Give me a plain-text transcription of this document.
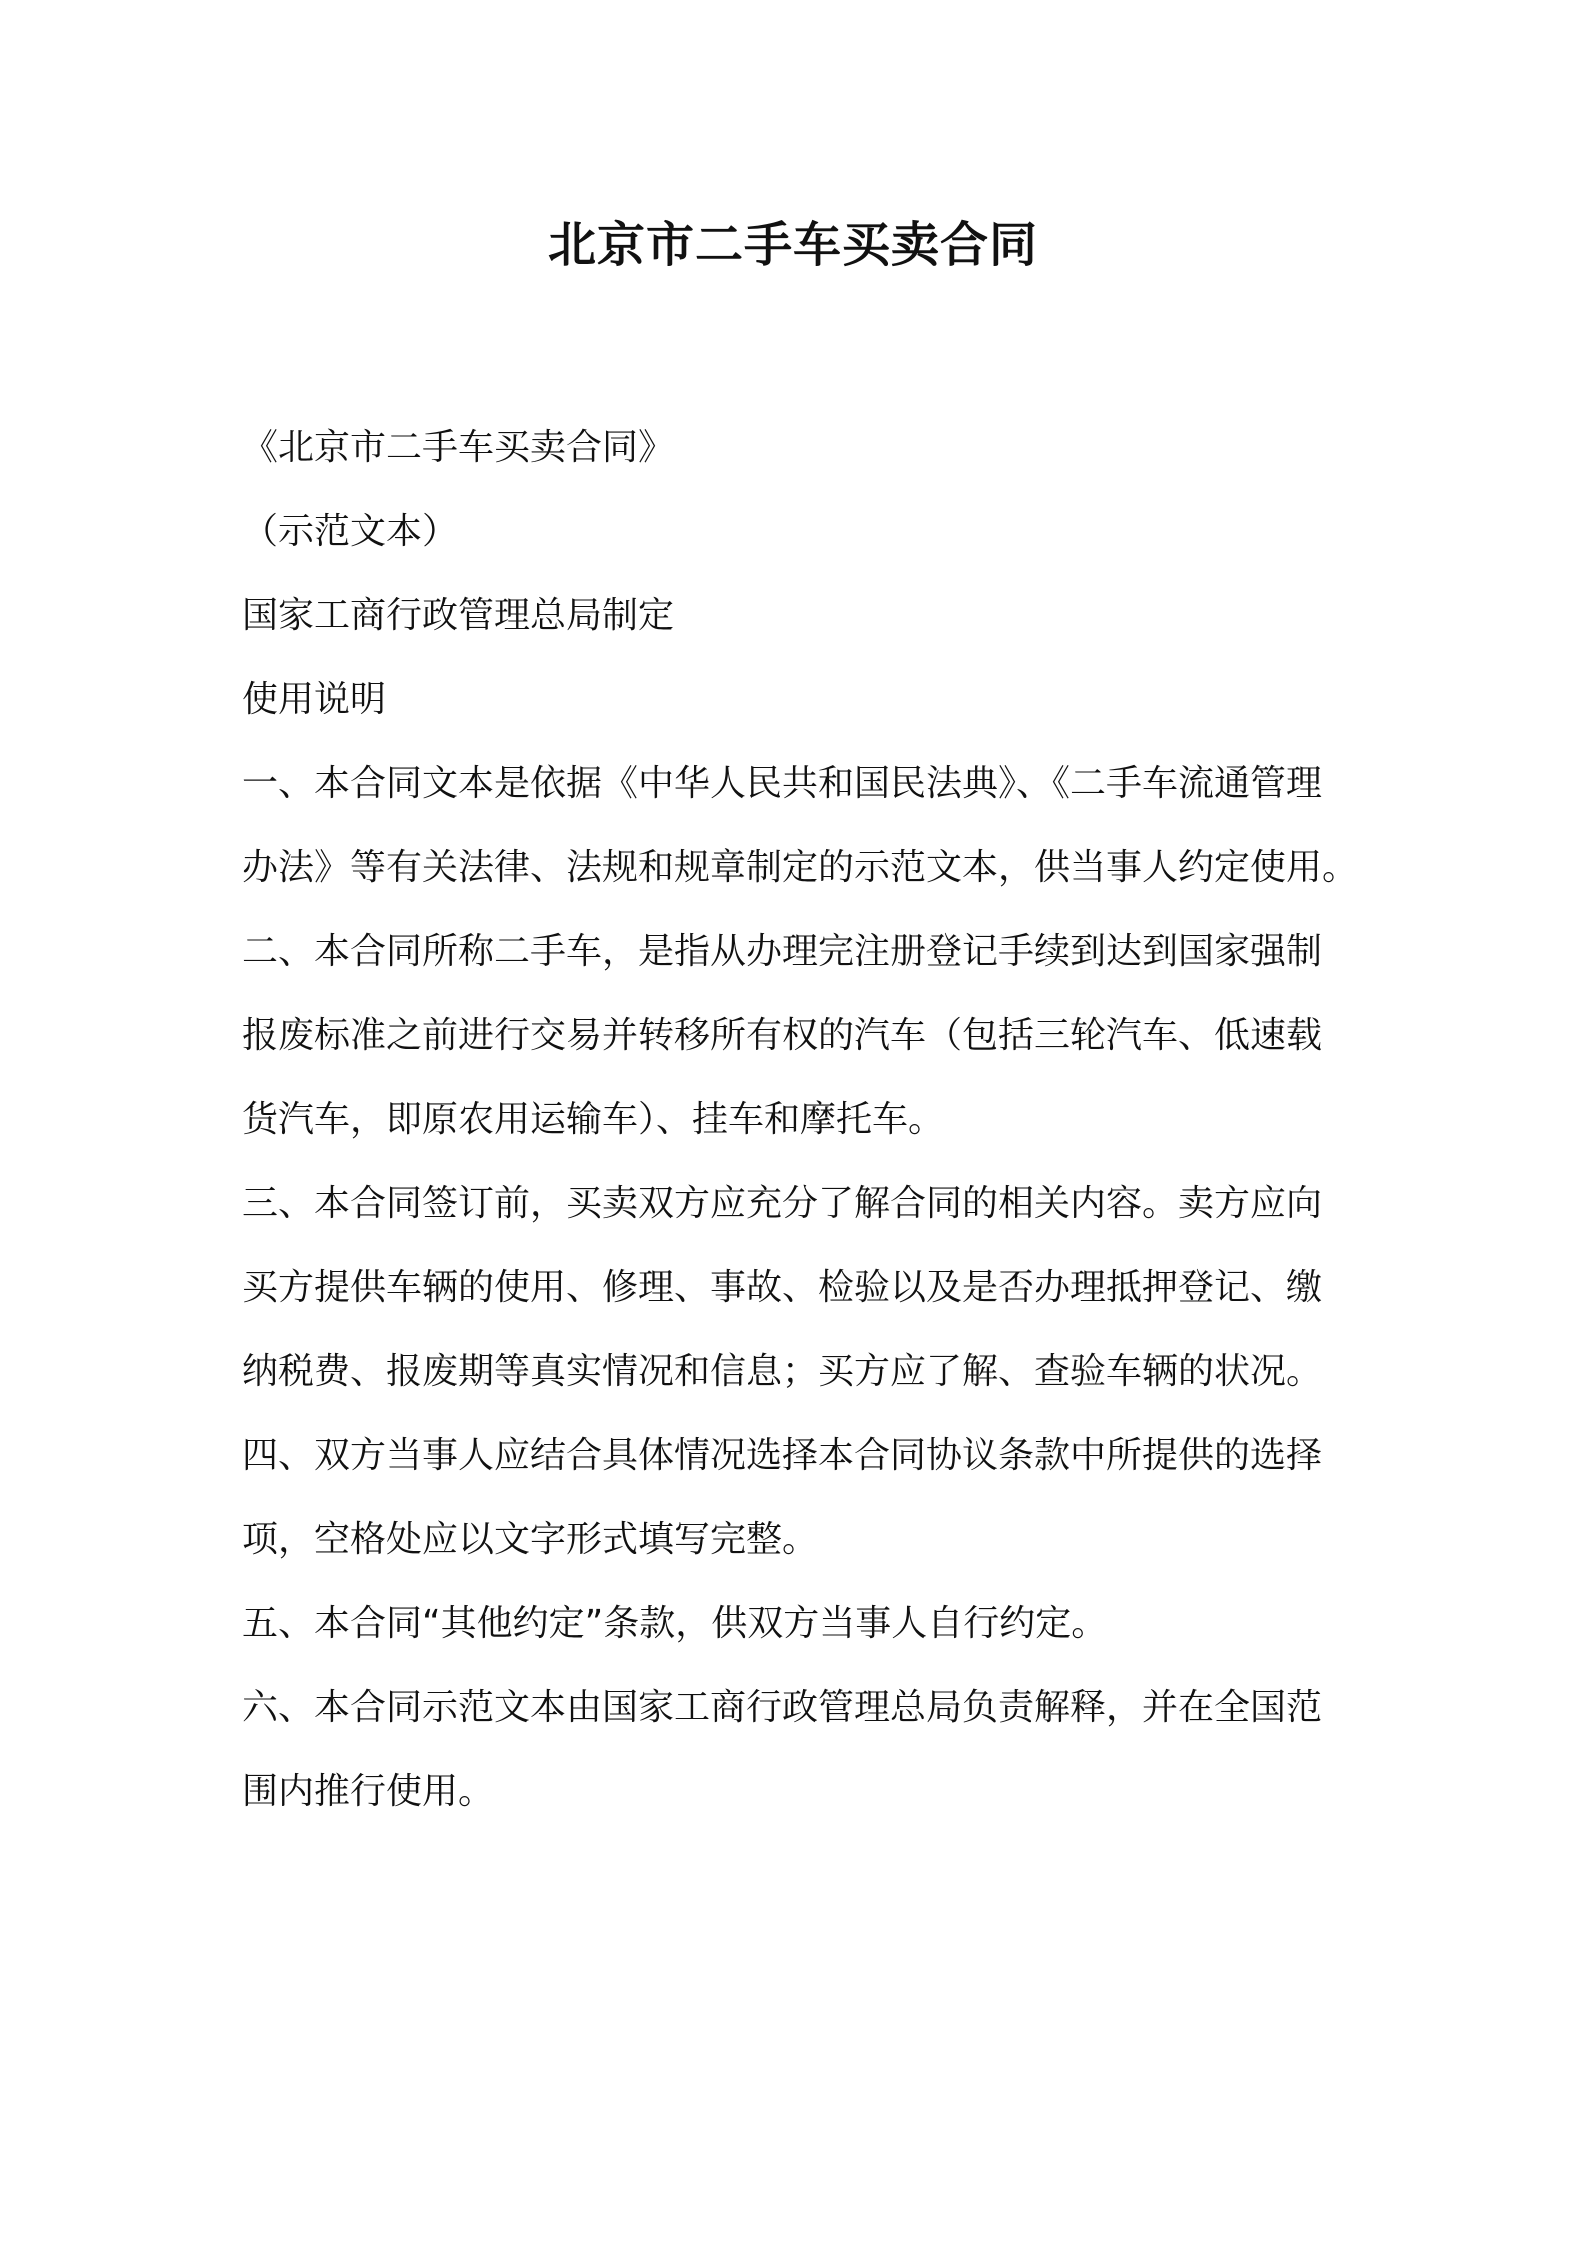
北京市二手车买卖合同
《北京市二手车买卖合同》
（示范文本）
国家工商行政管理总局制定
使用说明
一、本合同文本是依据《中华人民共和国民法典》、《二手车流通管理
办法》等有关法律、法规和规章制定的示范文本，供当事人约定使用。
二、本合同所称二手车，是指从办理完注册登记手续到达到国家强制
报废标准之前进行交易并转移所有权的汽车（包括三轮汽车、低速载
货汽车，即原农用运输车）、挂车和摩托车。
三、本合同签订前，买卖双方应充分了解合同的相关内容。卖方应向
买方提供车辆的使用、修理、事故、检验以及是否办理抵押登记、缴
纳税费、报废期等真实情况和信息；买方应了解、查验车辆的状况。
四、双方当事人应结合具体情况选择本合同协议条款中所提供的选择
项，空格处应以文字形式填写完整。
五、本合同“其他约定”条款，供双方当事人自行约定。
六、本合同示范文本由国家工商行政管理总局负责解释，并在全国范
围内推行使用。
